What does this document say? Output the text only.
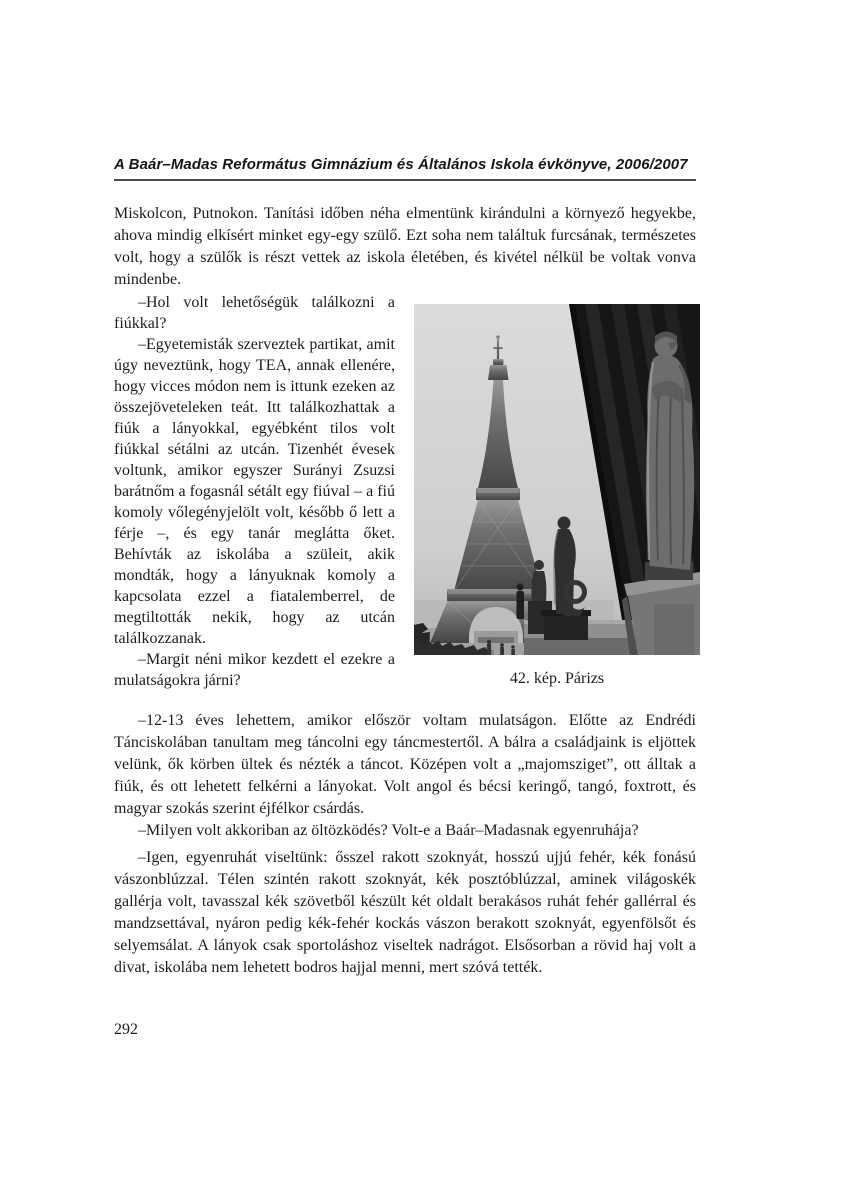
A Baár–Madas Református Gimnázium és Általános Iskola évkönyve, 2006/2007

Miskolcon, Putnokon. Tanítási időben néha elmentünk kirándulni a környező hegyekbe, ahova mindig elkísért minket egy-egy szülő. Ezt soha nem találtuk furcsának, természetes volt, hogy a szülők is részt vettek az iskola életében, és kivétel nélkül be voltak vonva mindenbe.

–Hol volt lehetőségük találkozni a fiúkkal?

–Egyetemisták szerveztek partikat, amit úgy neveztünk, hogy TEA, annak ellenére, hogy vicces módon nem is ittunk ezeken az összejöveteleken teát. Itt találkozhattak a fiúk a lányokkal, egyébként tilos volt fiúkkal sétálni az utcán. Tizenhét évesek voltunk, amikor egyszer Surányi Zsuzsi barátnőm a fogasnál sétált egy fiúval – a fiú komoly vőlegényjelölt volt, később ő lett a férje –, és egy tanár meglátta őket. Behívták az iskolába a szüleit, akik mondták, hogy a lányuknak komoly a kapcsolata ezzel a fiatalemberrel, de megtiltották nekik, hogy az utcán találkozzanak.

–Margit néni mikor kezdett el ezekre a mulatságokra járni?	42. kép. Párizs

–12-13 éves lehettem, amikor először voltam mulatságon. Előtte az Endrédi Tánciskolában tanultam meg táncolni egy táncmestertől. A bálra a családjaink is eljöttek velünk, ők körben ültek és nézték a táncot. Középen volt a „majomsziget”, ott álltak a fiúk, és ott lehetett felkérni a lányokat. Volt angol és bécsi keringő, tangó, foxtrott, és magyar szokás szerint éjfélkor csárdás.

–Milyen volt akkoriban az öltözködés? Volt-e a Baár–Madasnak egyenruhája?

–Igen, egyenruhát viseltünk: ősszel rakott szoknyát, hosszú ujjú fehér, kék fonású vászonblúzzal. Télen szintén rakott szoknyát, kék posztóblúzzal, aminek világoskék gallérja volt, tavasszal kék szövetből készült két oldalt berakásos ruhát fehér gallérral és mandzsettával, nyáron pedig kék-fehér kockás vászon berakott szoknyát, egyenfölsőt és selyemsálat. A lányok csak sportoláshoz viseltek nadrágot. Elsősorban a rövid haj volt a divat, iskolába nem lehetett bodros hajjal menni, mert szóvá tették.

292
